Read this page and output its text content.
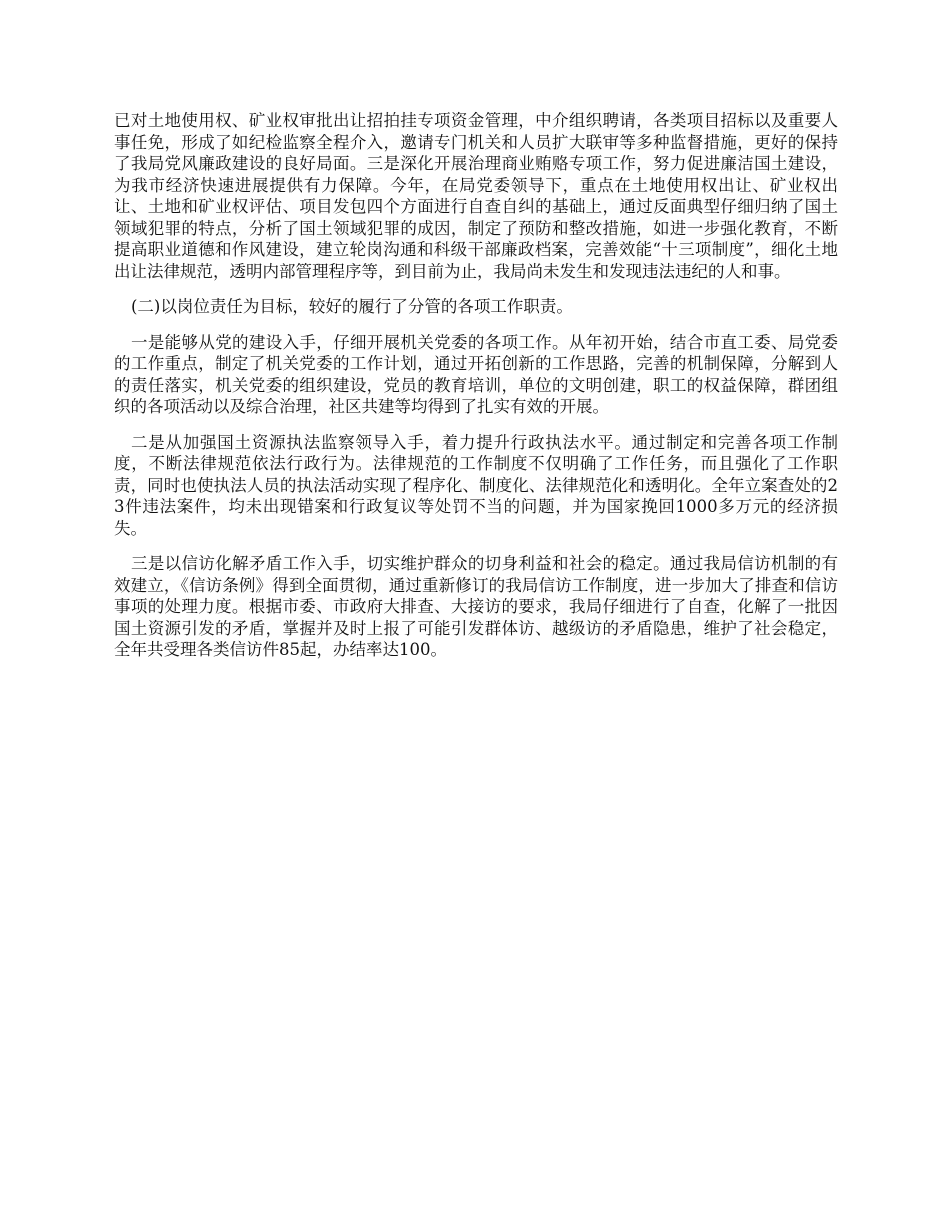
已对土地使用权、矿业权审批出让招拍挂专项资金管理，中介组织聘请，各类项目招标以及重要人事任免，形成了如纪检监察全程介入，邀请专门机关和人员扩大联审等多种监督措施，更好的保持了我局党风廉政建设的良好局面。三是深化开展治理商业贿赂专项工作，努力促进廉洁国土建设，为我市经济快速进展提供有力保障。今年，在局党委领导下，重点在土地使用权出让、矿业权出让、土地和矿业权评估、项目发包四个方面进行自查自纠的基础上，通过反面典型仔细归纳了国土领域犯罪的特点，分析了国土领域犯罪的成因，制定了预防和整改措施，如进一步强化教育，不断提高职业道德和作风建设，建立轮岗沟通和科级干部廉政档案，完善效能“十三项制度”，细化土地出让法律规范，透明内部管理程序等，到目前为止，我局尚未发生和发现违法违纪的人和事。

(二)以岗位责任为目标，较好的履行了分管的各项工作职责。

一是能够从党的建设入手，仔细开展机关党委的各项工作。从年初开始，结合市直工委、局党委的工作重点，制定了机关党委的工作计划，通过开拓创新的工作思路，完善的机制保障，分解到人的责任落实，机关党委的组织建设，党员的教育培训，单位的文明创建，职工的权益保障，群团组织的各项活动以及综合治理，社区共建等均得到了扎实有效的开展。

二是从加强国土资源执法监察领导入手，着力提升行政执法水平。通过制定和完善各项工作制度，不断法律规范依法行政行为。法律规范的工作制度不仅明确了工作任务，而且强化了工作职责，同时也使执法人员的执法活动实现了程序化、制度化、法律规范化和透明化。全年立案查处的23件违法案件，均未出现错案和行政复议等处罚不当的问题，并为国家挽回1000多万元的经济损失。

三是以信访化解矛盾工作入手，切实维护群众的切身利益和社会的稳定。通过我局信访机制的有效建立，《信访条例》得到全面贯彻，通过重新修订的我局信访工作制度，进一步加大了排查和信访事项的处理力度。根据市委、市政府大排查、大接访的要求，我局仔细进行了自查，化解了一批因国土资源引发的矛盾，掌握并及时上报了可能引发群体访、越级访的矛盾隐患，维护了社会稳定，全年共受理各类信访件85起，办结率达100。
